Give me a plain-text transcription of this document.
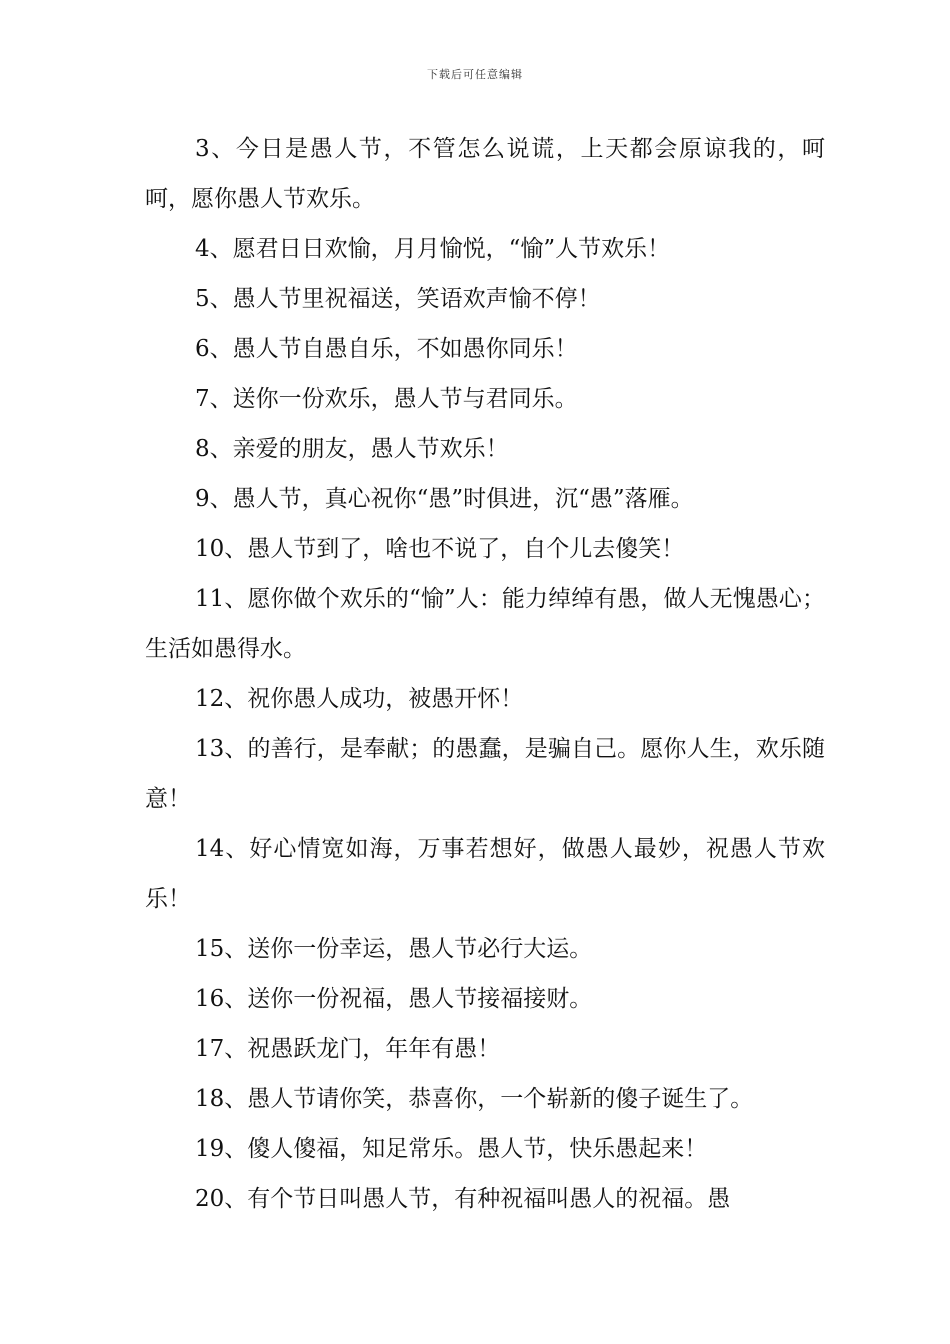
下载后可任意编辑

3、今日是愚人节，不管怎么说谎，上天都会原谅我的，呵呵，愿你愚人节欢乐。

4、愿君日日欢愉，月月愉悦，“愉”人节欢乐！

5、愚人节里祝福送，笑语欢声愉不停！

6、愚人节自愚自乐，不如愚你同乐！

7、送你一份欢乐，愚人节与君同乐。

8、亲爱的朋友，愚人节欢乐！

9、愚人节，真心祝你“愚”时俱进，沉“愚”落雁。

10、愚人节到了，啥也不说了，自个儿去傻笑！

11、愿你做个欢乐的“愉”人：能力绰绰有愚，做人无愧愚心；生活如愚得水。

12、祝你愚人成功，被愚开怀！

13、的善行，是奉献；的愚蠢，是骗自己。愿你人生，欢乐随意！

14、好心情宽如海，万事若想好，做愚人最妙，祝愚人节欢乐！

15、送你一份幸运，愚人节必行大运。

16、送你一份祝福，愚人节接福接财。

17、祝愚跃龙门，年年有愚！

18、愚人节请你笑，恭喜你，一个崭新的傻子诞生了。

19、傻人傻福，知足常乐。愚人节，快乐愚起来！

20、有个节日叫愚人节，有种祝福叫愚人的祝福。愚
